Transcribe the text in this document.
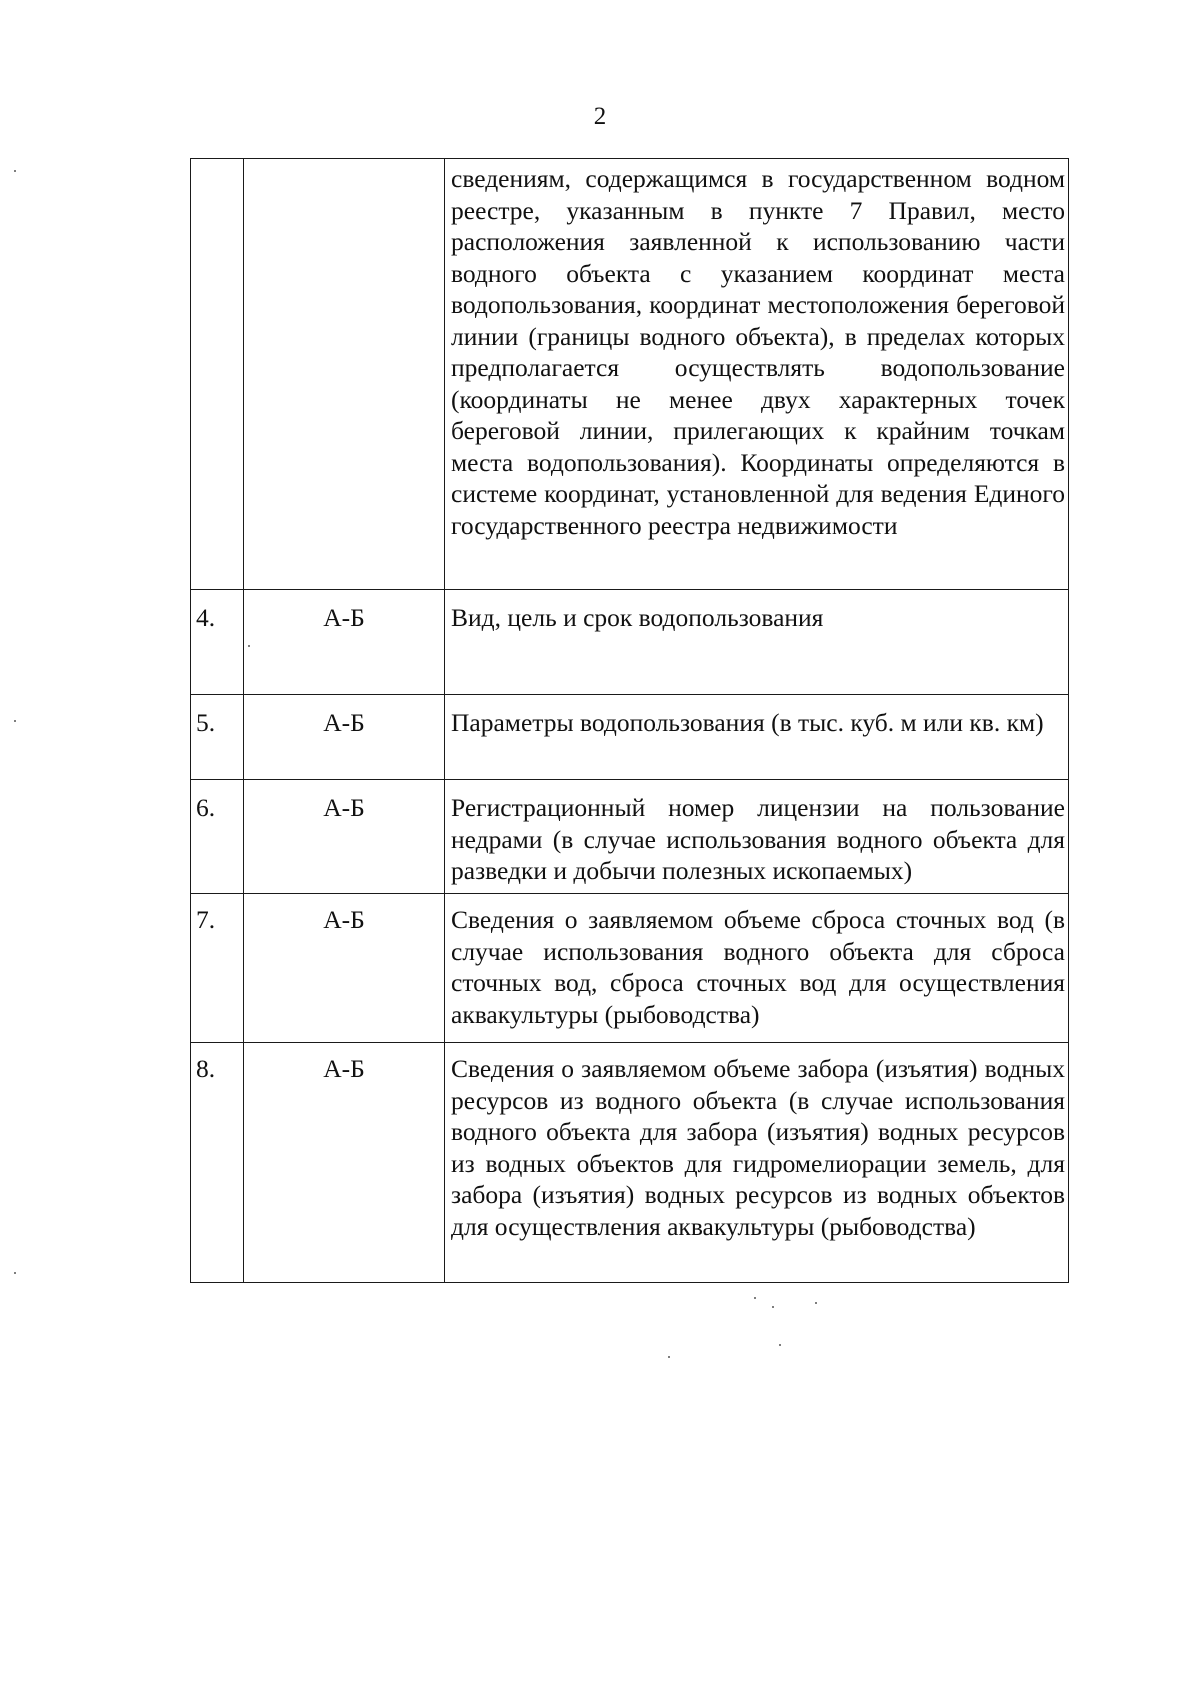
2

		сведениям, содержащимся в государственном водном реестре, указанным в пункте 7 Правил, место расположения заявленной к использованию части водного объекта с указанием координат места водопользования, координат местоположения береговой линии (границы водного объекта), в пределах которых предполагается осуществлять водопользование (координаты не менее двух характерных точек береговой линии, прилегающих к крайним точкам места водопользования). Координаты определяются в системе координат, установленной для ведения Единого государственного реестра недвижимости

4.	А-Б	Вид, цель и срок водопользования

5.	А-Б	Параметры водопользования (в тыс. куб. м или кв. км)

6.	А-Б	Регистрационный номер лицензии на пользование недрами (в случае использования водного объекта для разведки и добычи полезных ископаемых)

7.	А-Б	Сведения о заявляемом объеме сброса сточных вод (в случае использования водного объекта для сброса сточных вод, сброса сточных вод для осуществления аквакультуры (рыбоводства)

8.	А-Б	Сведения о заявляемом объеме забора (изъятия) водных ресурсов из водного объекта (в случае использования водного объекта для забора (изъятия) водных ресурсов из водных объектов для гидромелиорации земель, для забора (изъятия) водных ресурсов из водных объектов для осуществления аквакультуры (рыбоводства)
